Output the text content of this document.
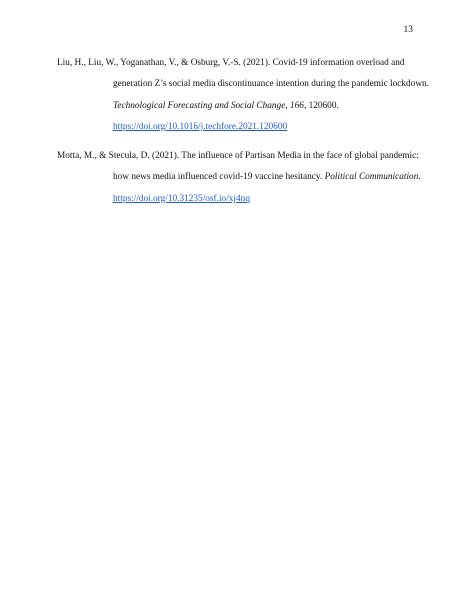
13
Liu, H., Liu, W., Yoganathan, V., & Osburg, V.-S. (2021). Covid-19 information overload and
generation Z’s social media discontinuance intention during the pandemic lockdown.
Technological Forecasting and Social Change, 166, 120600.
https://doi.org/10.1016/j.techfore.2021.120600
Motta, M., & Stecula, D. (2021). The influence of Partisan Media in the face of global pandemic:
how news media influenced covid-19 vaccine hesitancy. Political Communication.
https://doi.org/10.31235/osf.io/xj4nq
